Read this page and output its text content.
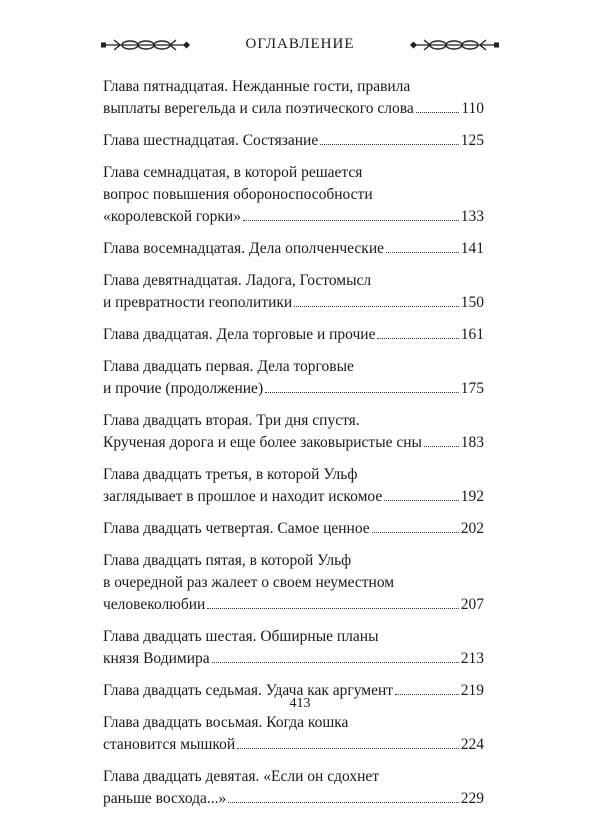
ОГЛАВЛЕНИЕ
Глава пятнадцатая. Нежданные гости, правила
выплаты верегельда и сила поэтического слова	110
Глава шестнадцатая. Состязание	125
Глава семнадцатая, в которой решается
вопрос повышения обороноспособности
«королевской горки»	133
Глава восемнадцатая. Дела ополченческие	141
Глава девятнадцатая. Ладога, Гостомысл
и превратности геополитики	150
Глава двадцатая. Дела торговые и прочие	161
Глава двадцать первая. Дела торговые
и прочие (продолжение)	175
Глава двадцать вторая. Три дня спустя.
Крученая дорога и еще более заковыристые сны	183
Глава двадцать третья, в которой Ульф
заглядывает в прошлое и находит искомое	192
Глава двадцать четвертая. Самое ценное	202
Глава двадцать пятая, в которой Ульф
в очередной раз жалеет о своем неуместном
человеколюбии	207
Глава двадцать шестая. Обширные планы
князя Водимира	213
Глава двадцать седьмая. Удача как аргумент	219
Глава двадцать восьмая. Когда кошка
становится мышкой	224
Глава двадцать девятая. «Если он сдохнет
раньше восхода...»	229
413
